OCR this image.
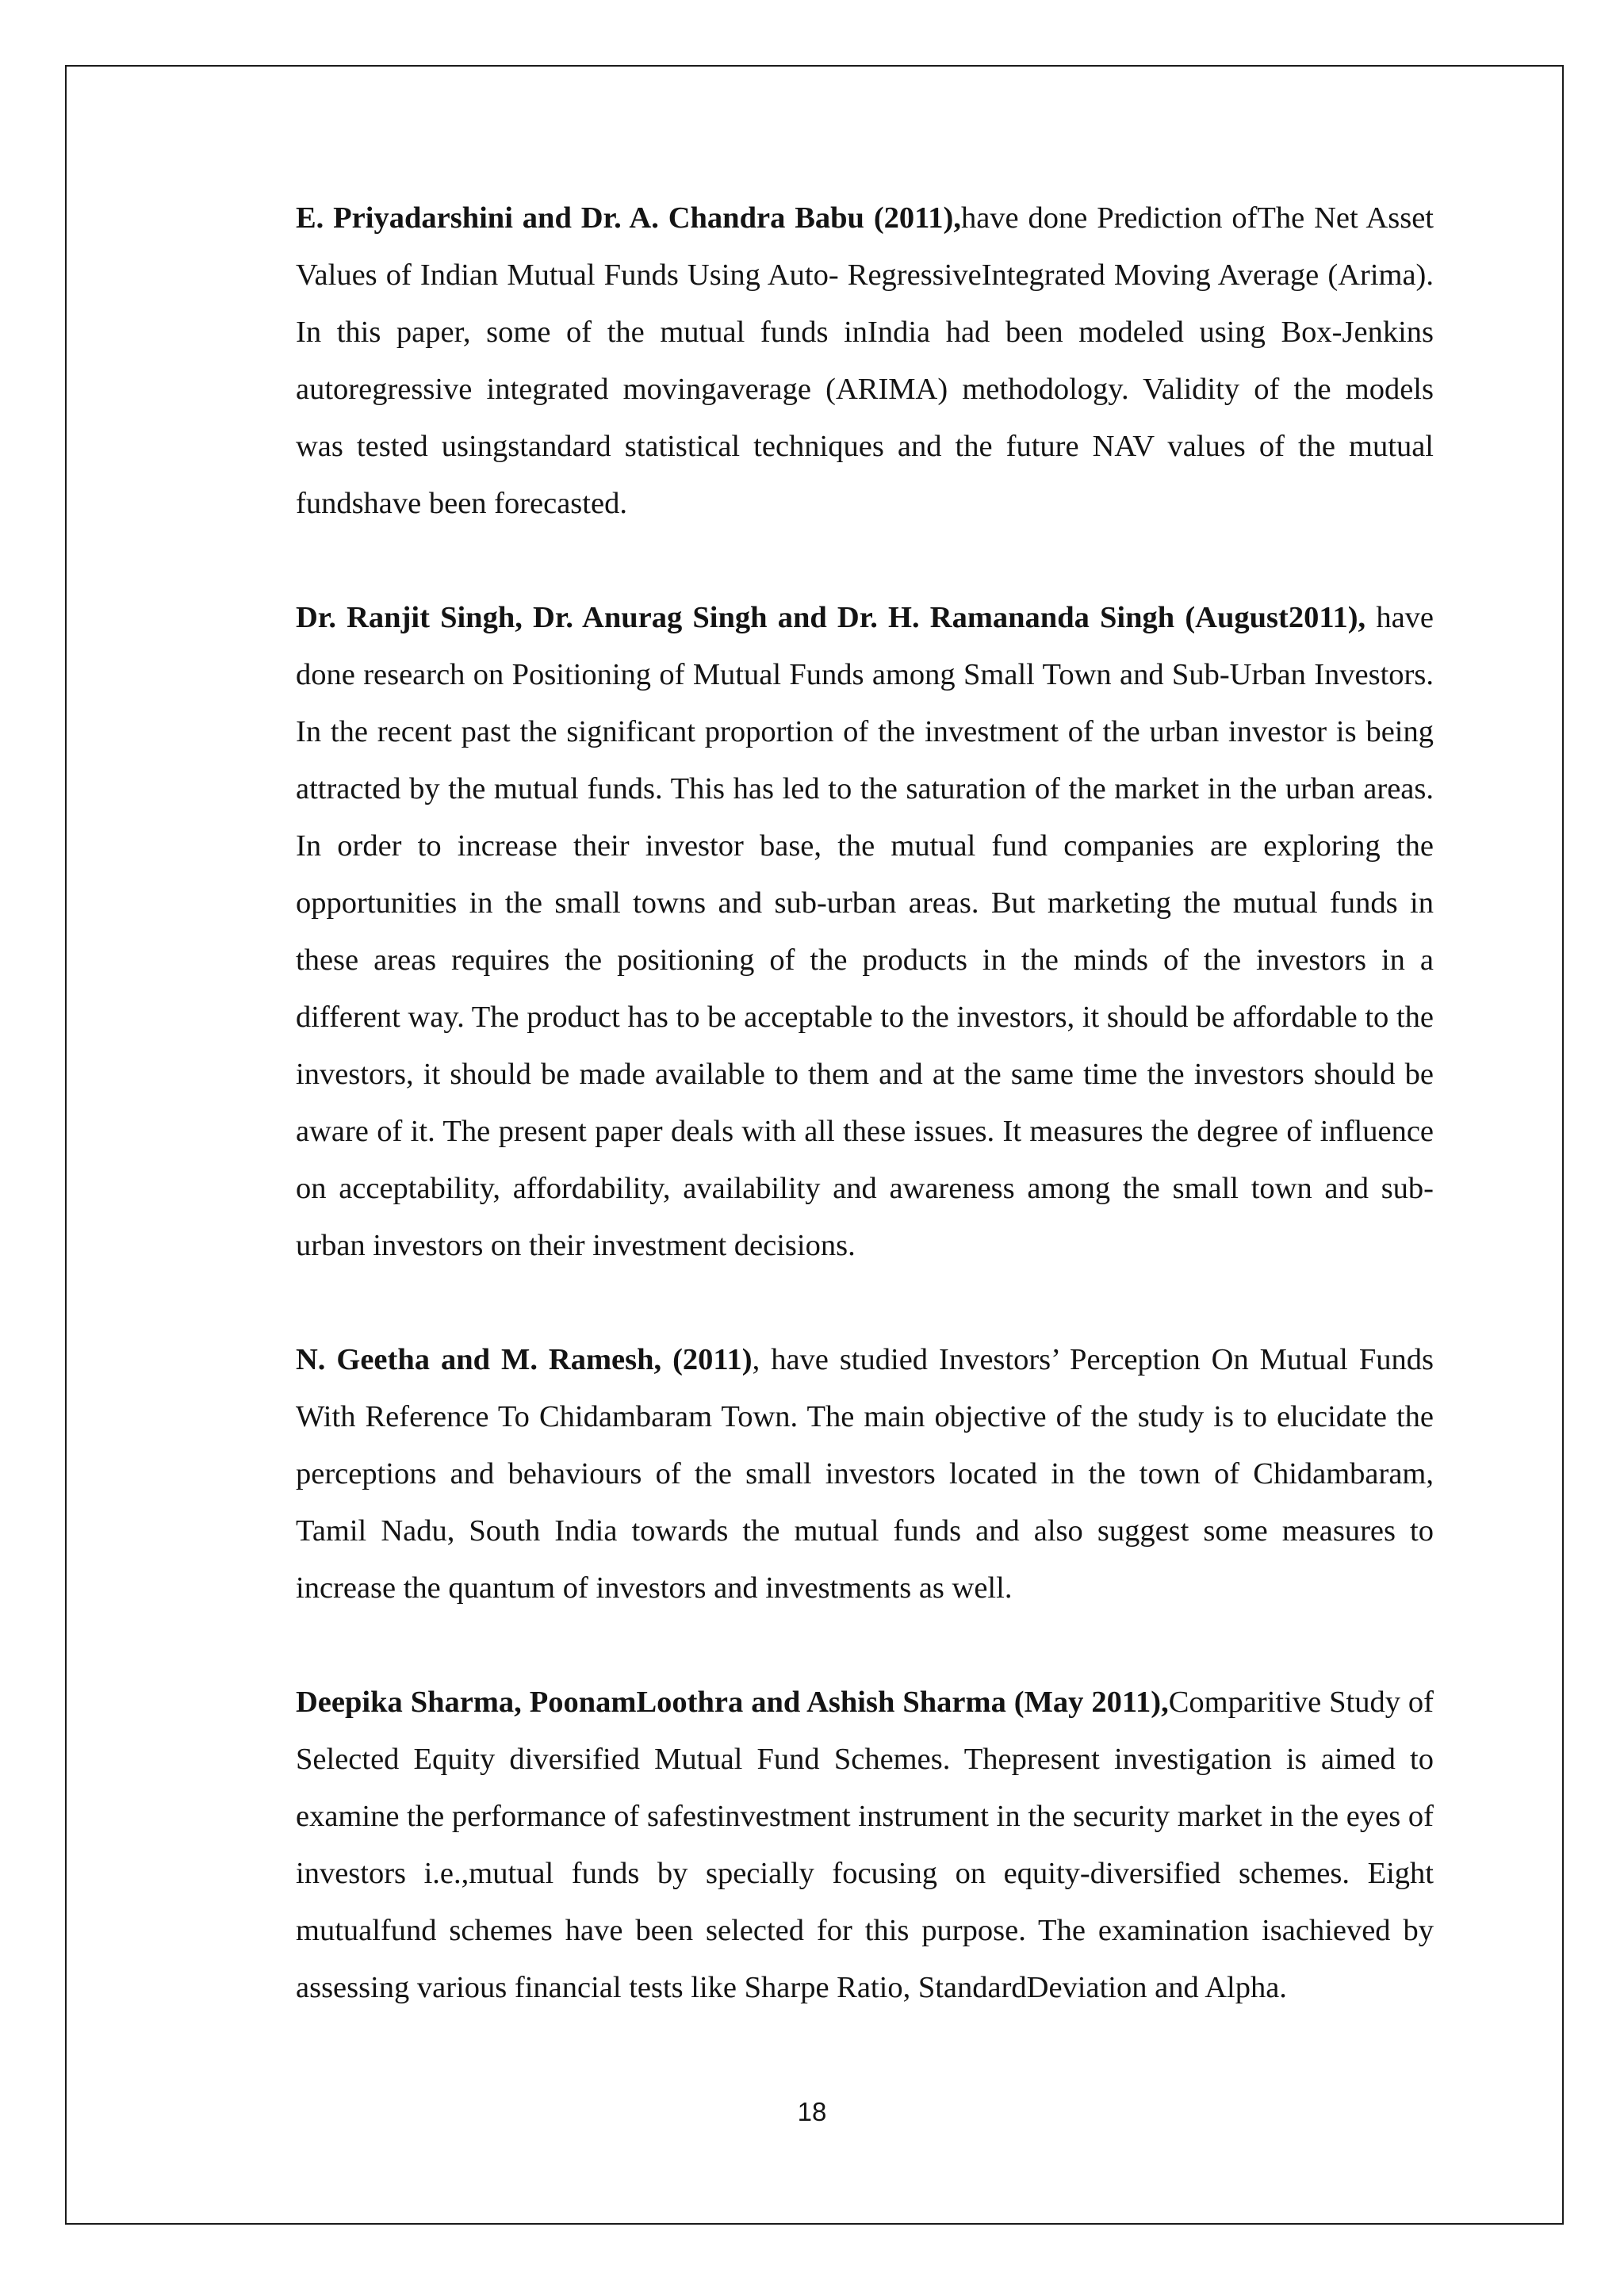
E. Priyadarshini and Dr. A. Chandra Babu (2011),have done Prediction ofThe Net Asset Values of Indian Mutual Funds Using Auto- RegressiveIntegrated Moving Average (Arima). In this paper, some of the mutual funds inIndia had been modeled using Box-Jenkins autoregressive integrated movingaverage (ARIMA) methodology. Validity of the models was tested usingstandard statistical techniques and the future NAV values of the mutual fundshave been forecasted.

Dr. Ranjit Singh, Dr. Anurag Singh and Dr. H. Ramananda Singh (August2011), have done research on Positioning of Mutual Funds among Small Town and Sub-Urban Investors. In the recent past the significant proportion of the investment of the urban investor is being attracted by the mutual funds. This has led to the saturation of the market in the urban areas. In order to increase their investor base, the mutual fund companies are exploring the opportunities in the small towns and sub-urban areas. But marketing the mutual funds in these areas requires the positioning of the products in the minds of the investors in a different way. The product has to be acceptable to the investors, it should be affordable to the investors, it should be made available to them and at the same time the investors should be aware of it. The present paper deals with all these issues. It measures the degree of influence on acceptability, affordability, availability and awareness among the small town and sub-urban investors on their investment decisions.

N. Geetha and M. Ramesh, (2011), have studied Investors’ Perception On Mutual Funds With Reference To Chidambaram Town. The main objective of the study is to elucidate the perceptions and behaviours of the small investors located in the town of Chidambaram, Tamil Nadu, South India towards the mutual funds and also suggest some measures to increase the quantum of investors and investments as well.

Deepika Sharma, PoonamLoothra and Ashish Sharma (May 2011),Comparitive Study of Selected Equity diversified Mutual Fund Schemes. Thepresent investigation is aimed to examine the performance of safestinvestment instrument in the security market in the eyes of investors i.e.,mutual funds by specially focusing on equity-diversified schemes. Eight mutualfund schemes have been selected for this purpose. The examination isachieved by assessing various financial tests like Sharpe Ratio, StandardDeviation and Alpha.

18
